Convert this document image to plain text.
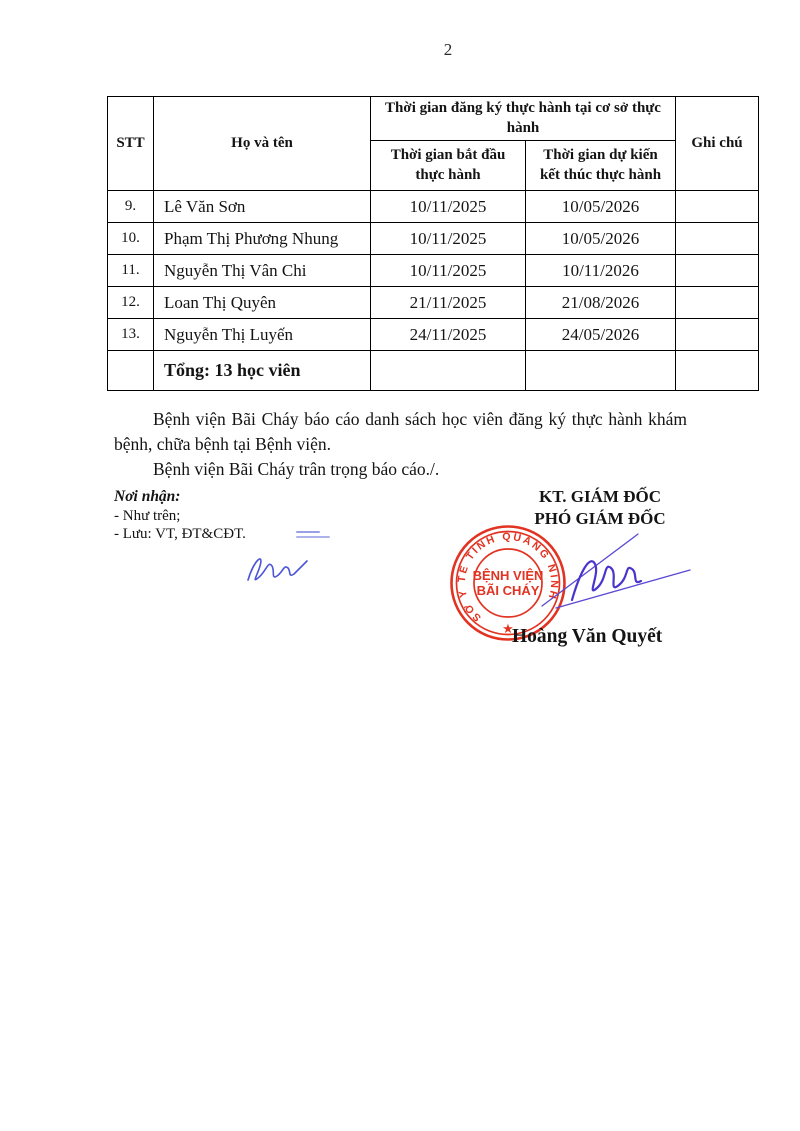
2
STT	Họ và tên	Thời gian đăng ký thực hành tại cơ sở thực hành		Ghi chú
		Thời gian bắt đầu thực hành	Thời gian dự kiến kết thúc thực hành	
9.	Lê Văn Sơn	10/11/2025	10/05/2026	
10.	Phạm Thị Phương Nhung	10/11/2025	10/05/2026	
11.	Nguyễn Thị Vân Chi	10/11/2025	10/11/2026	
12.	Loan Thị Quyên	21/11/2025	21/08/2026	
13.	Nguyễn Thị Luyến	24/11/2025	24/05/2026	
	Tổng: 13 học viên			

Bệnh viện Bãi Cháy báo cáo danh sách học viên đăng ký thực hành khám bệnh, chữa bệnh tại Bệnh viện.

Bệnh viện Bãi Cháy trân trọng báo cáo./.

Nơi nhận:
- Như trên;
- Lưu: VT, ĐT&CĐT.
KT. GIÁM ĐỐC
PHÓ GIÁM ĐỐC
SỞ Y TẾ TỈNH QUẢNG NINH
BỆNH VIỆN
BÃI CHÁY
★
Hoàng Văn Quyết
